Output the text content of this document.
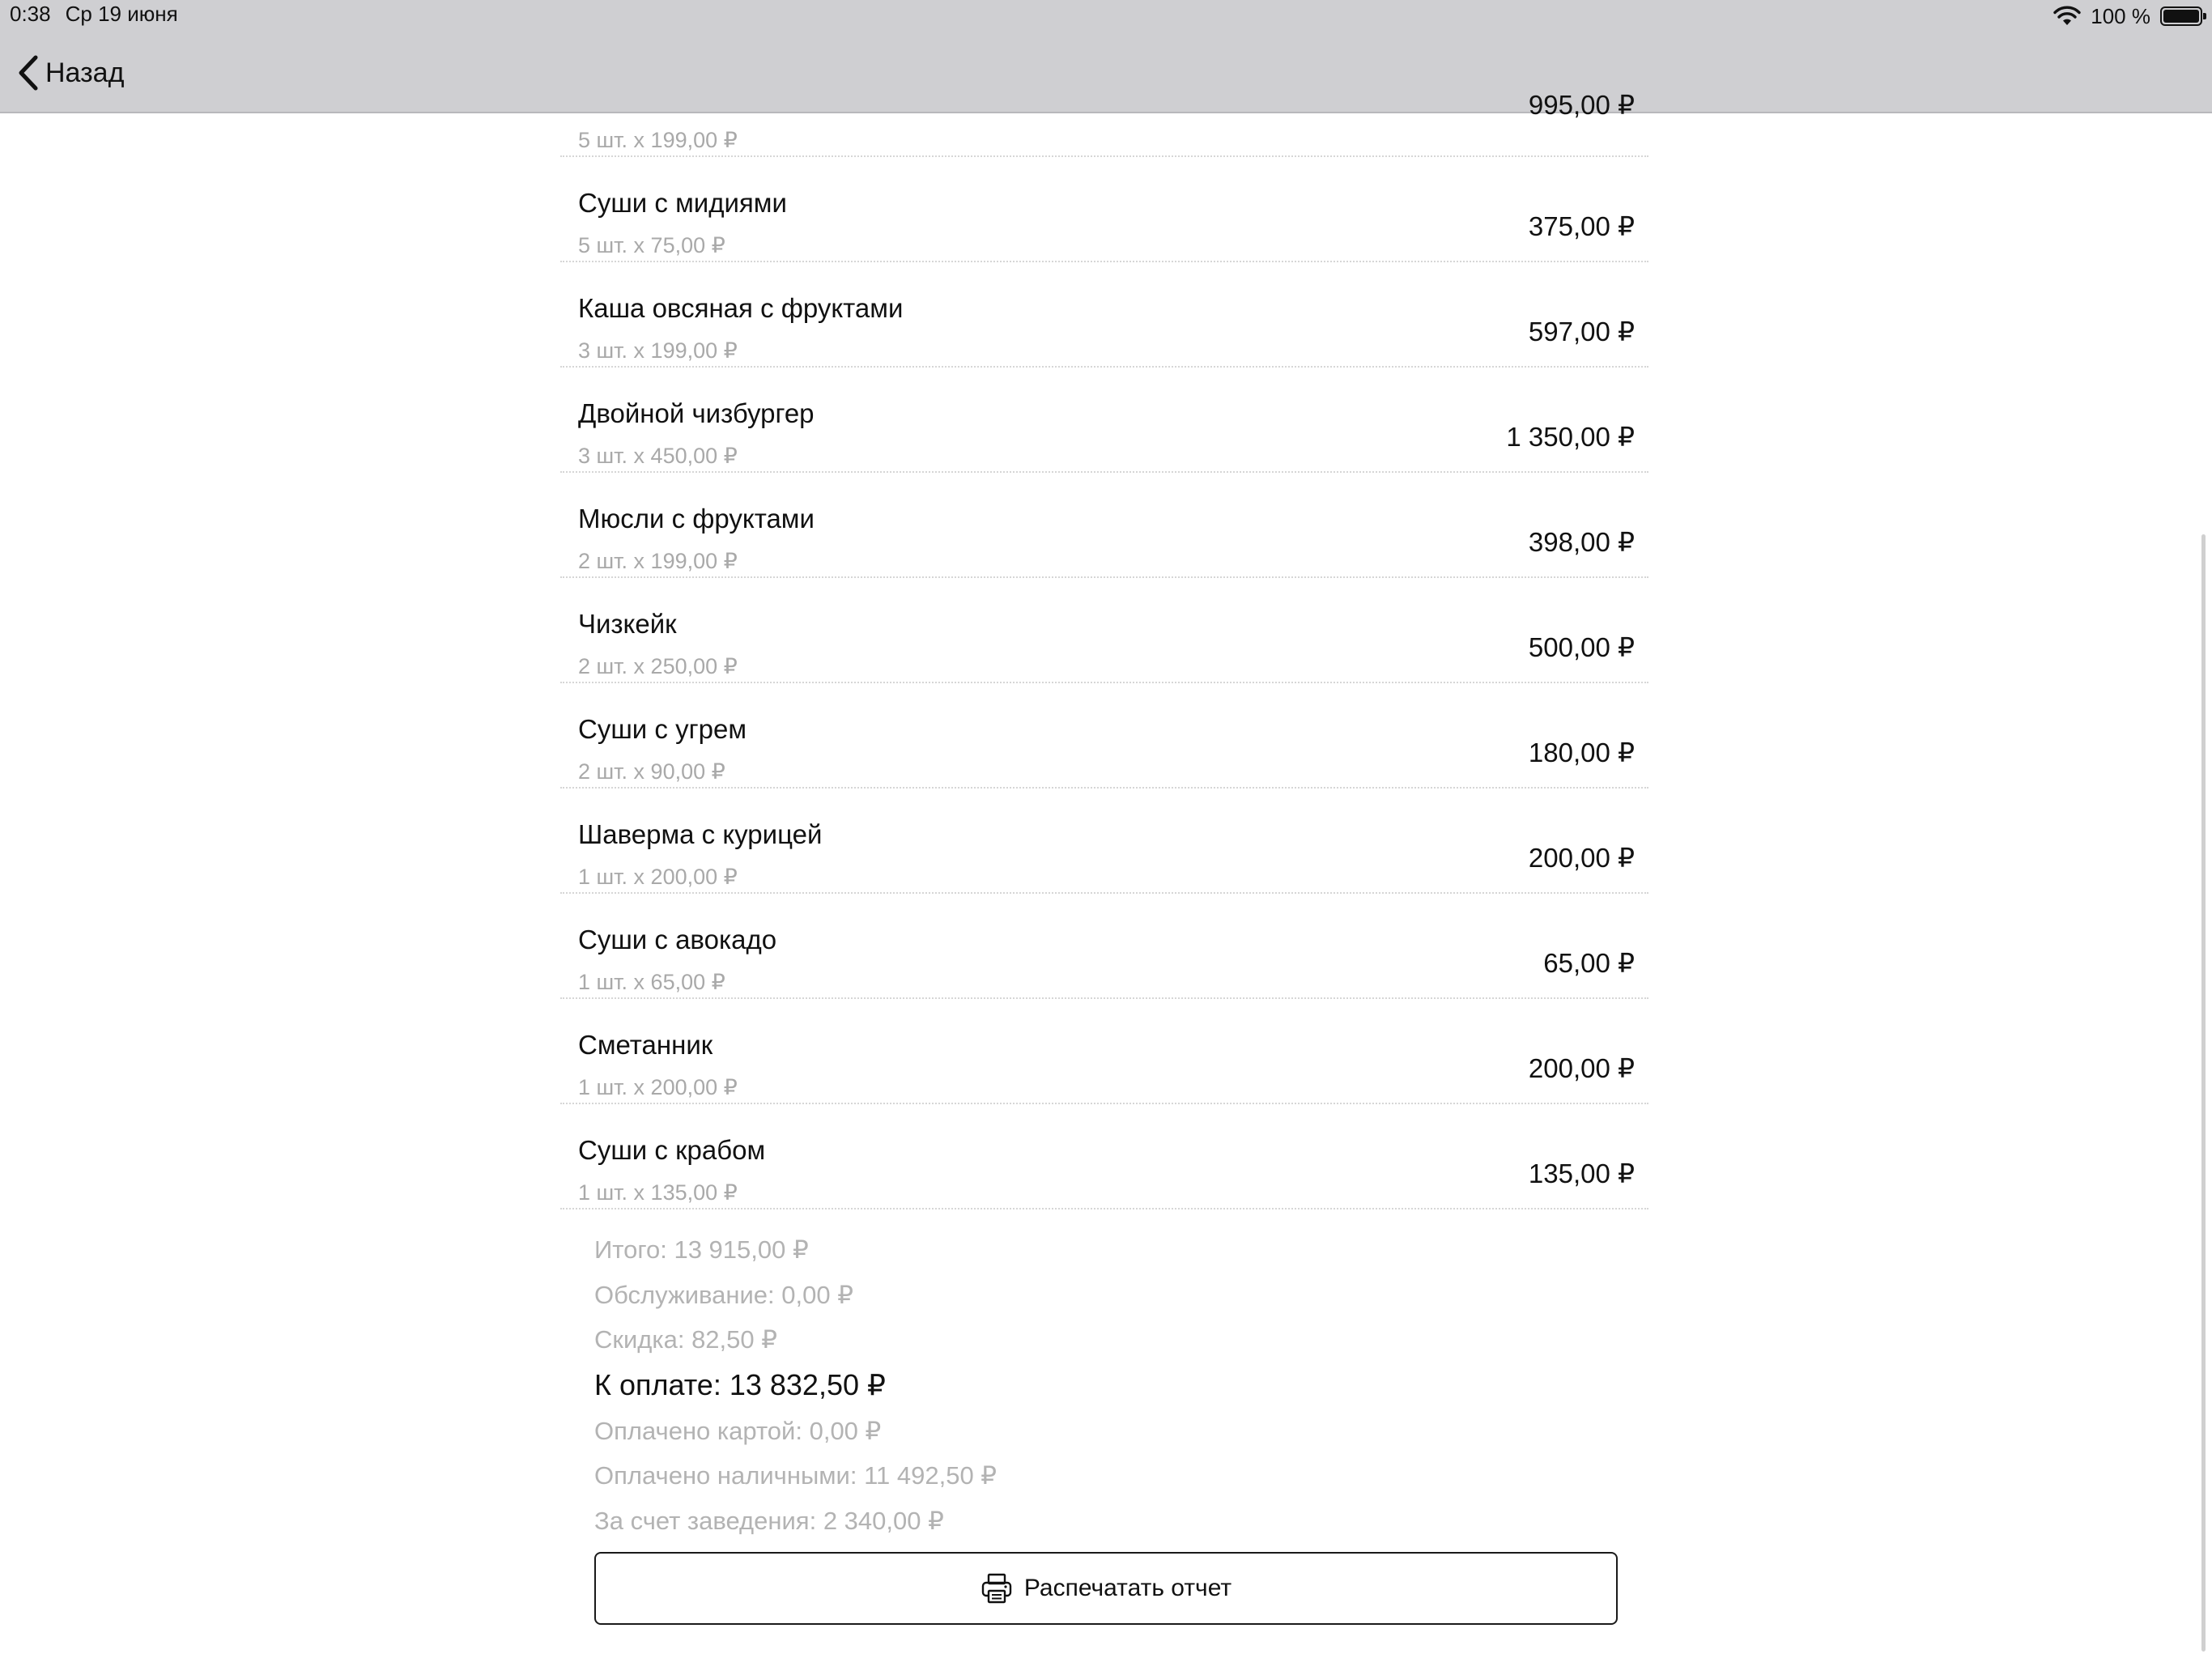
0:38 Ср 19 июня	100 %
Назад
5 шт. x 199,00 ₽
995,00 ₽
Суши с мидиями
5 шт. x 75,00 ₽
375,00 ₽
Каша овсяная с фруктами
3 шт. x 199,00 ₽
597,00 ₽
Двойной чизбургер
3 шт. x 450,00 ₽
1 350,00 ₽
Мюсли с фруктами
2 шт. x 199,00 ₽
398,00 ₽
Чизкейк
2 шт. x 250,00 ₽
500,00 ₽
Суши с угрем
2 шт. x 90,00 ₽
180,00 ₽
Шаверма с курицей
1 шт. x 200,00 ₽
200,00 ₽
Суши с авокадо
1 шт. x 65,00 ₽
65,00 ₽
Сметанник
1 шт. x 200,00 ₽
200,00 ₽
Суши с крабом
1 шт. x 135,00 ₽
135,00 ₽
Итого: 13 915,00 ₽
Обслуживание: 0,00 ₽
Скидка: 82,50 ₽
К оплате: 13 832,50 ₽
Оплачено картой: 0,00 ₽
Оплачено наличными: 11 492,50 ₽
За счет заведения: 2 340,00 ₽
Распечатать отчет
